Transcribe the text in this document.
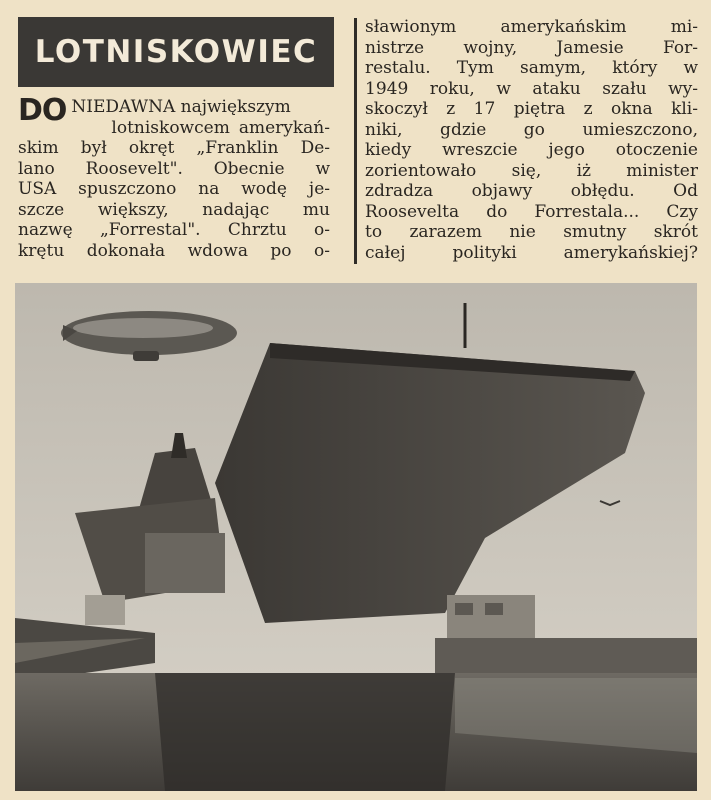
LOTNISKOWIEC
DO NIEDAWNA największym
lotniskowcem amerykań-
skim był okręt „Franklin De-
lano Roosevelt". Obecnie w
USA spuszczono na wodę je-
szcze większy, nadając mu
nazwę „Forrestal". Chrztu o-
krętu dokonała wdowa po o-
sławionym amerykańskim mi-
nistrze wojny, Jamesie For-
restalu. Tym samym, który w
1949 roku, w ataku szału wy-
skoczył z 17 piętra z okna kli-
niki, gdzie go umieszczono,
kiedy wreszcie jego otoczenie
zorientowało się, iż minister
zdradza objawy obłędu. Od
Roosevelta do Forrestala... Czy
to zarazem nie smutny skrót
całej polityki amerykańskiej?
